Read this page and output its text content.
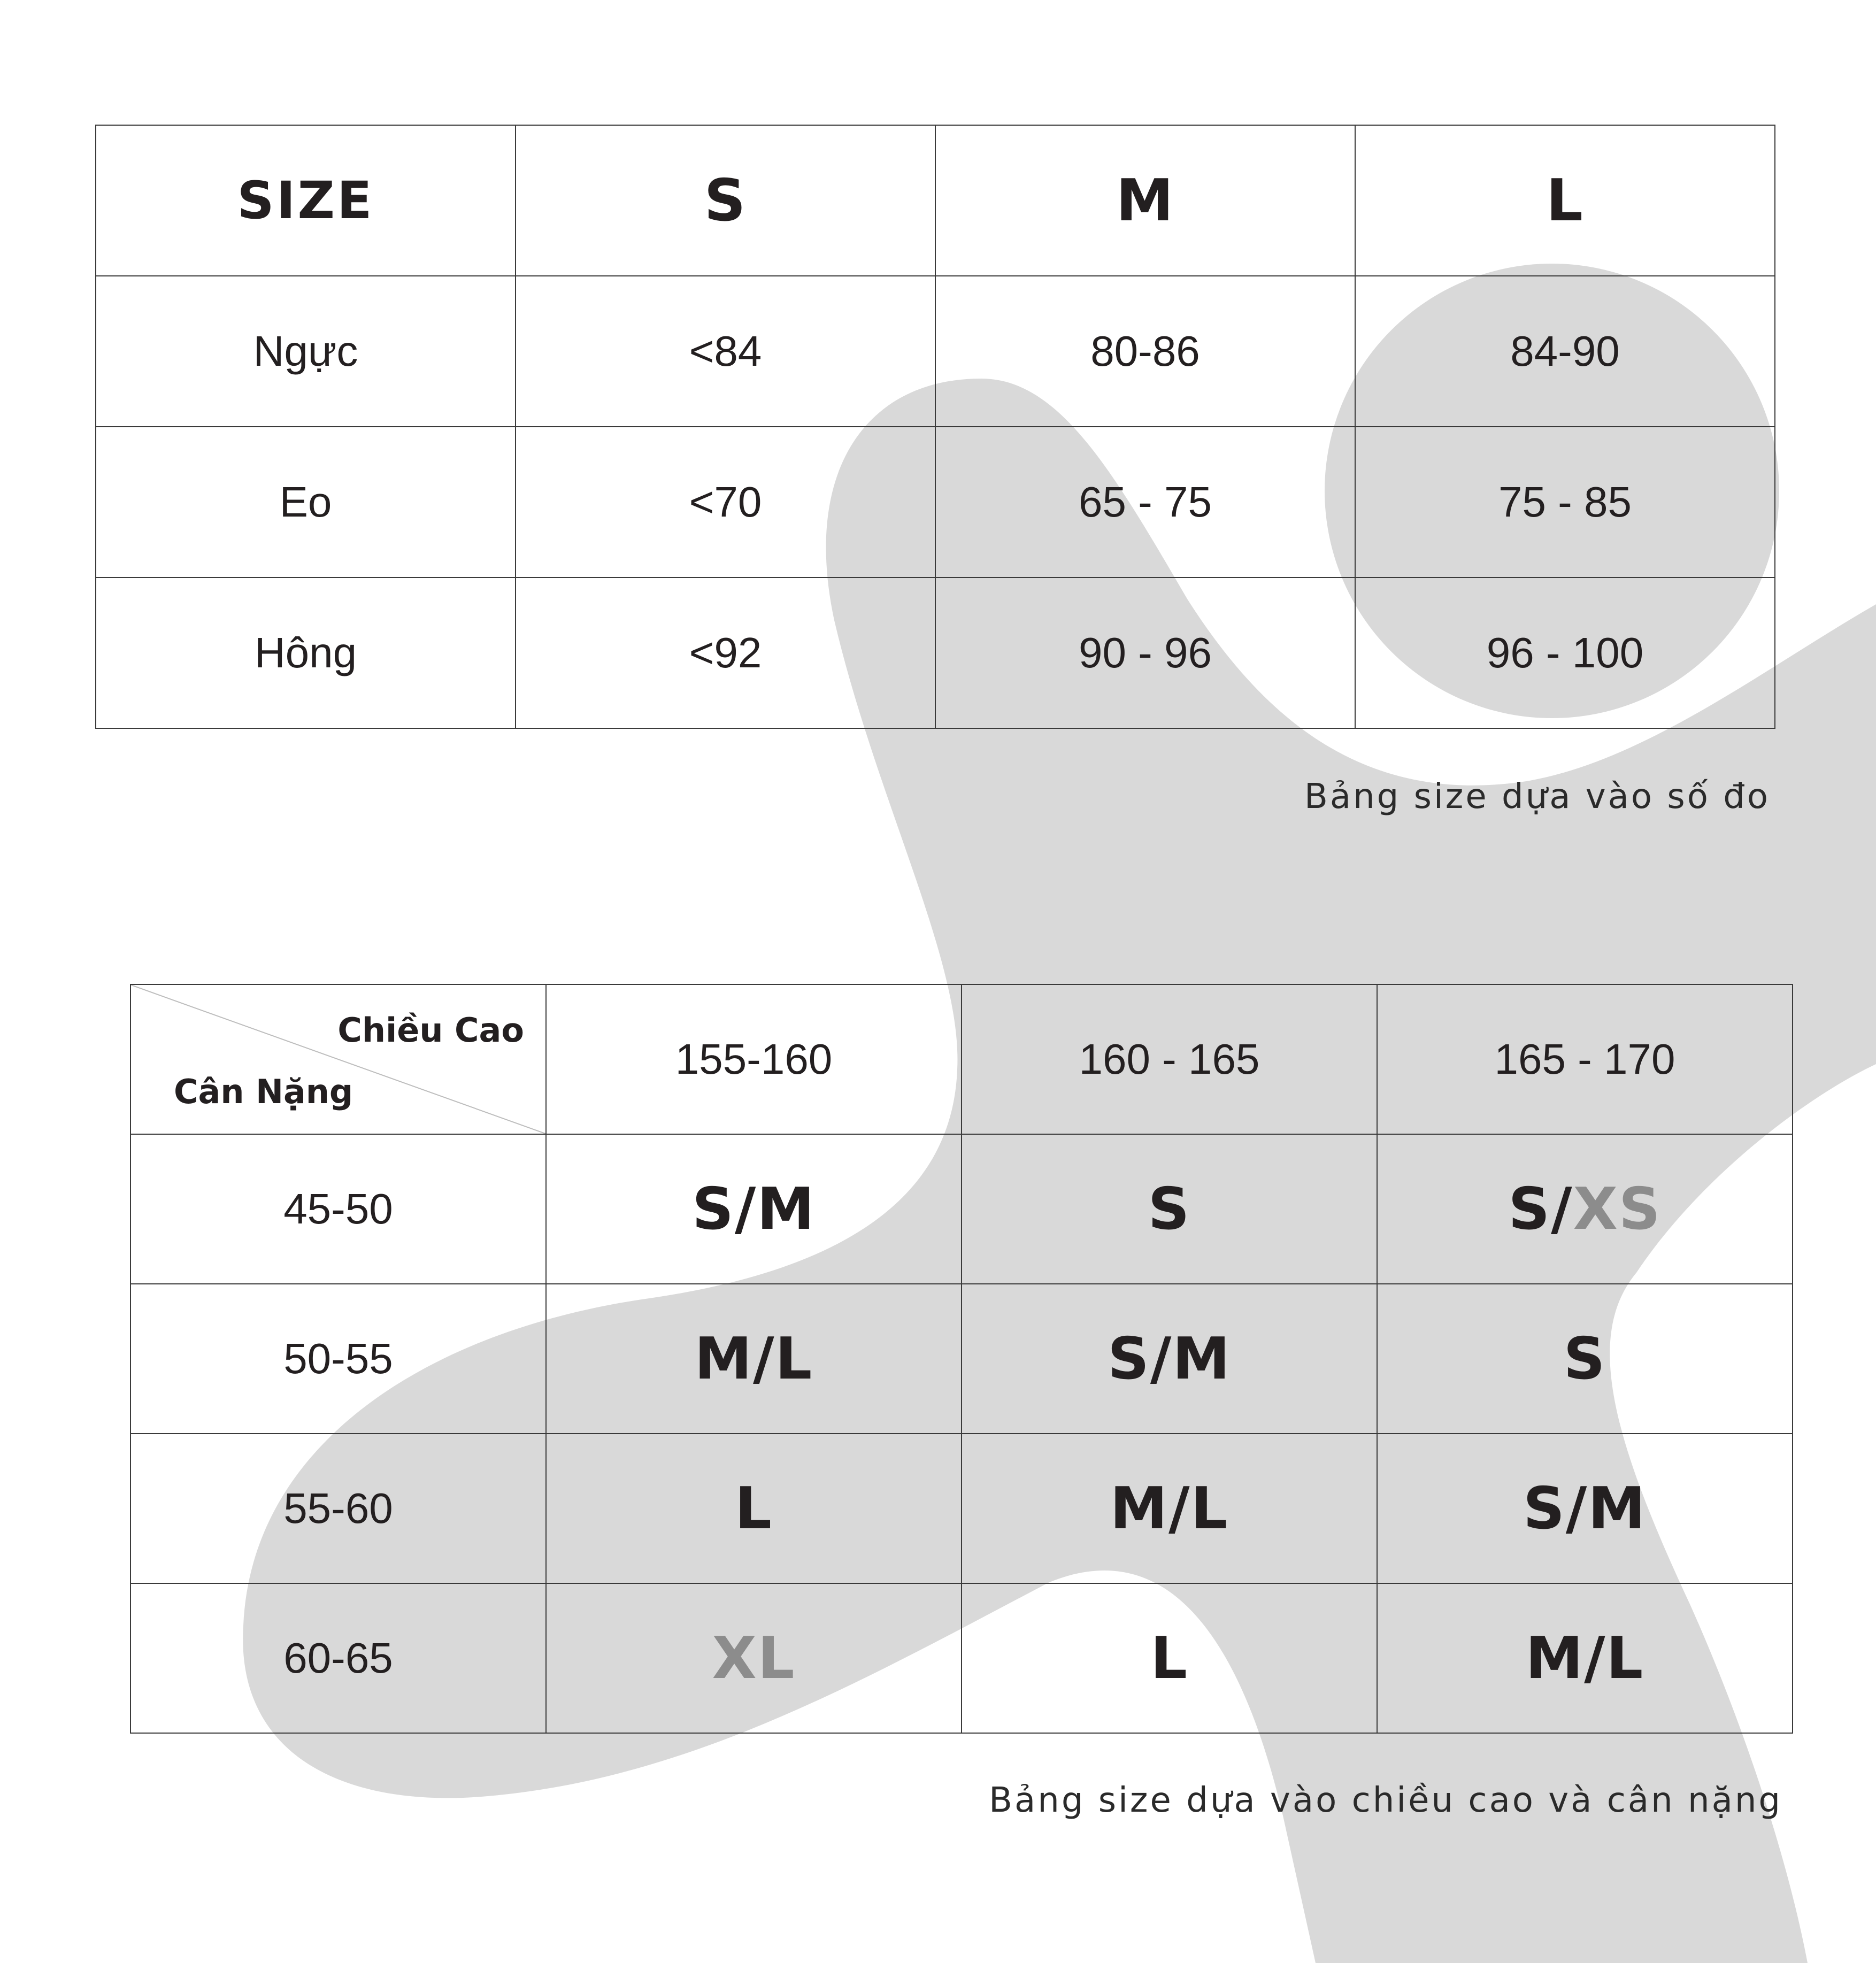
SIZE	S	M	L
Ngực	<84	80-86	84-90
Eo	<70	65 - 75	75 - 85
Hông	<92	90 - 96	96 - 100
Bảng size dựa vào số đo
Chiều Cao
Cân Nặng	155-160	160 - 165	165 - 170
45-50	S/M	S	S/XS
50-55	M/L	S/M	S
55-60	L	M/L	S/M
60-65	XL	L	M/L
Bảng size dựa vào chiều cao và cân nặng
